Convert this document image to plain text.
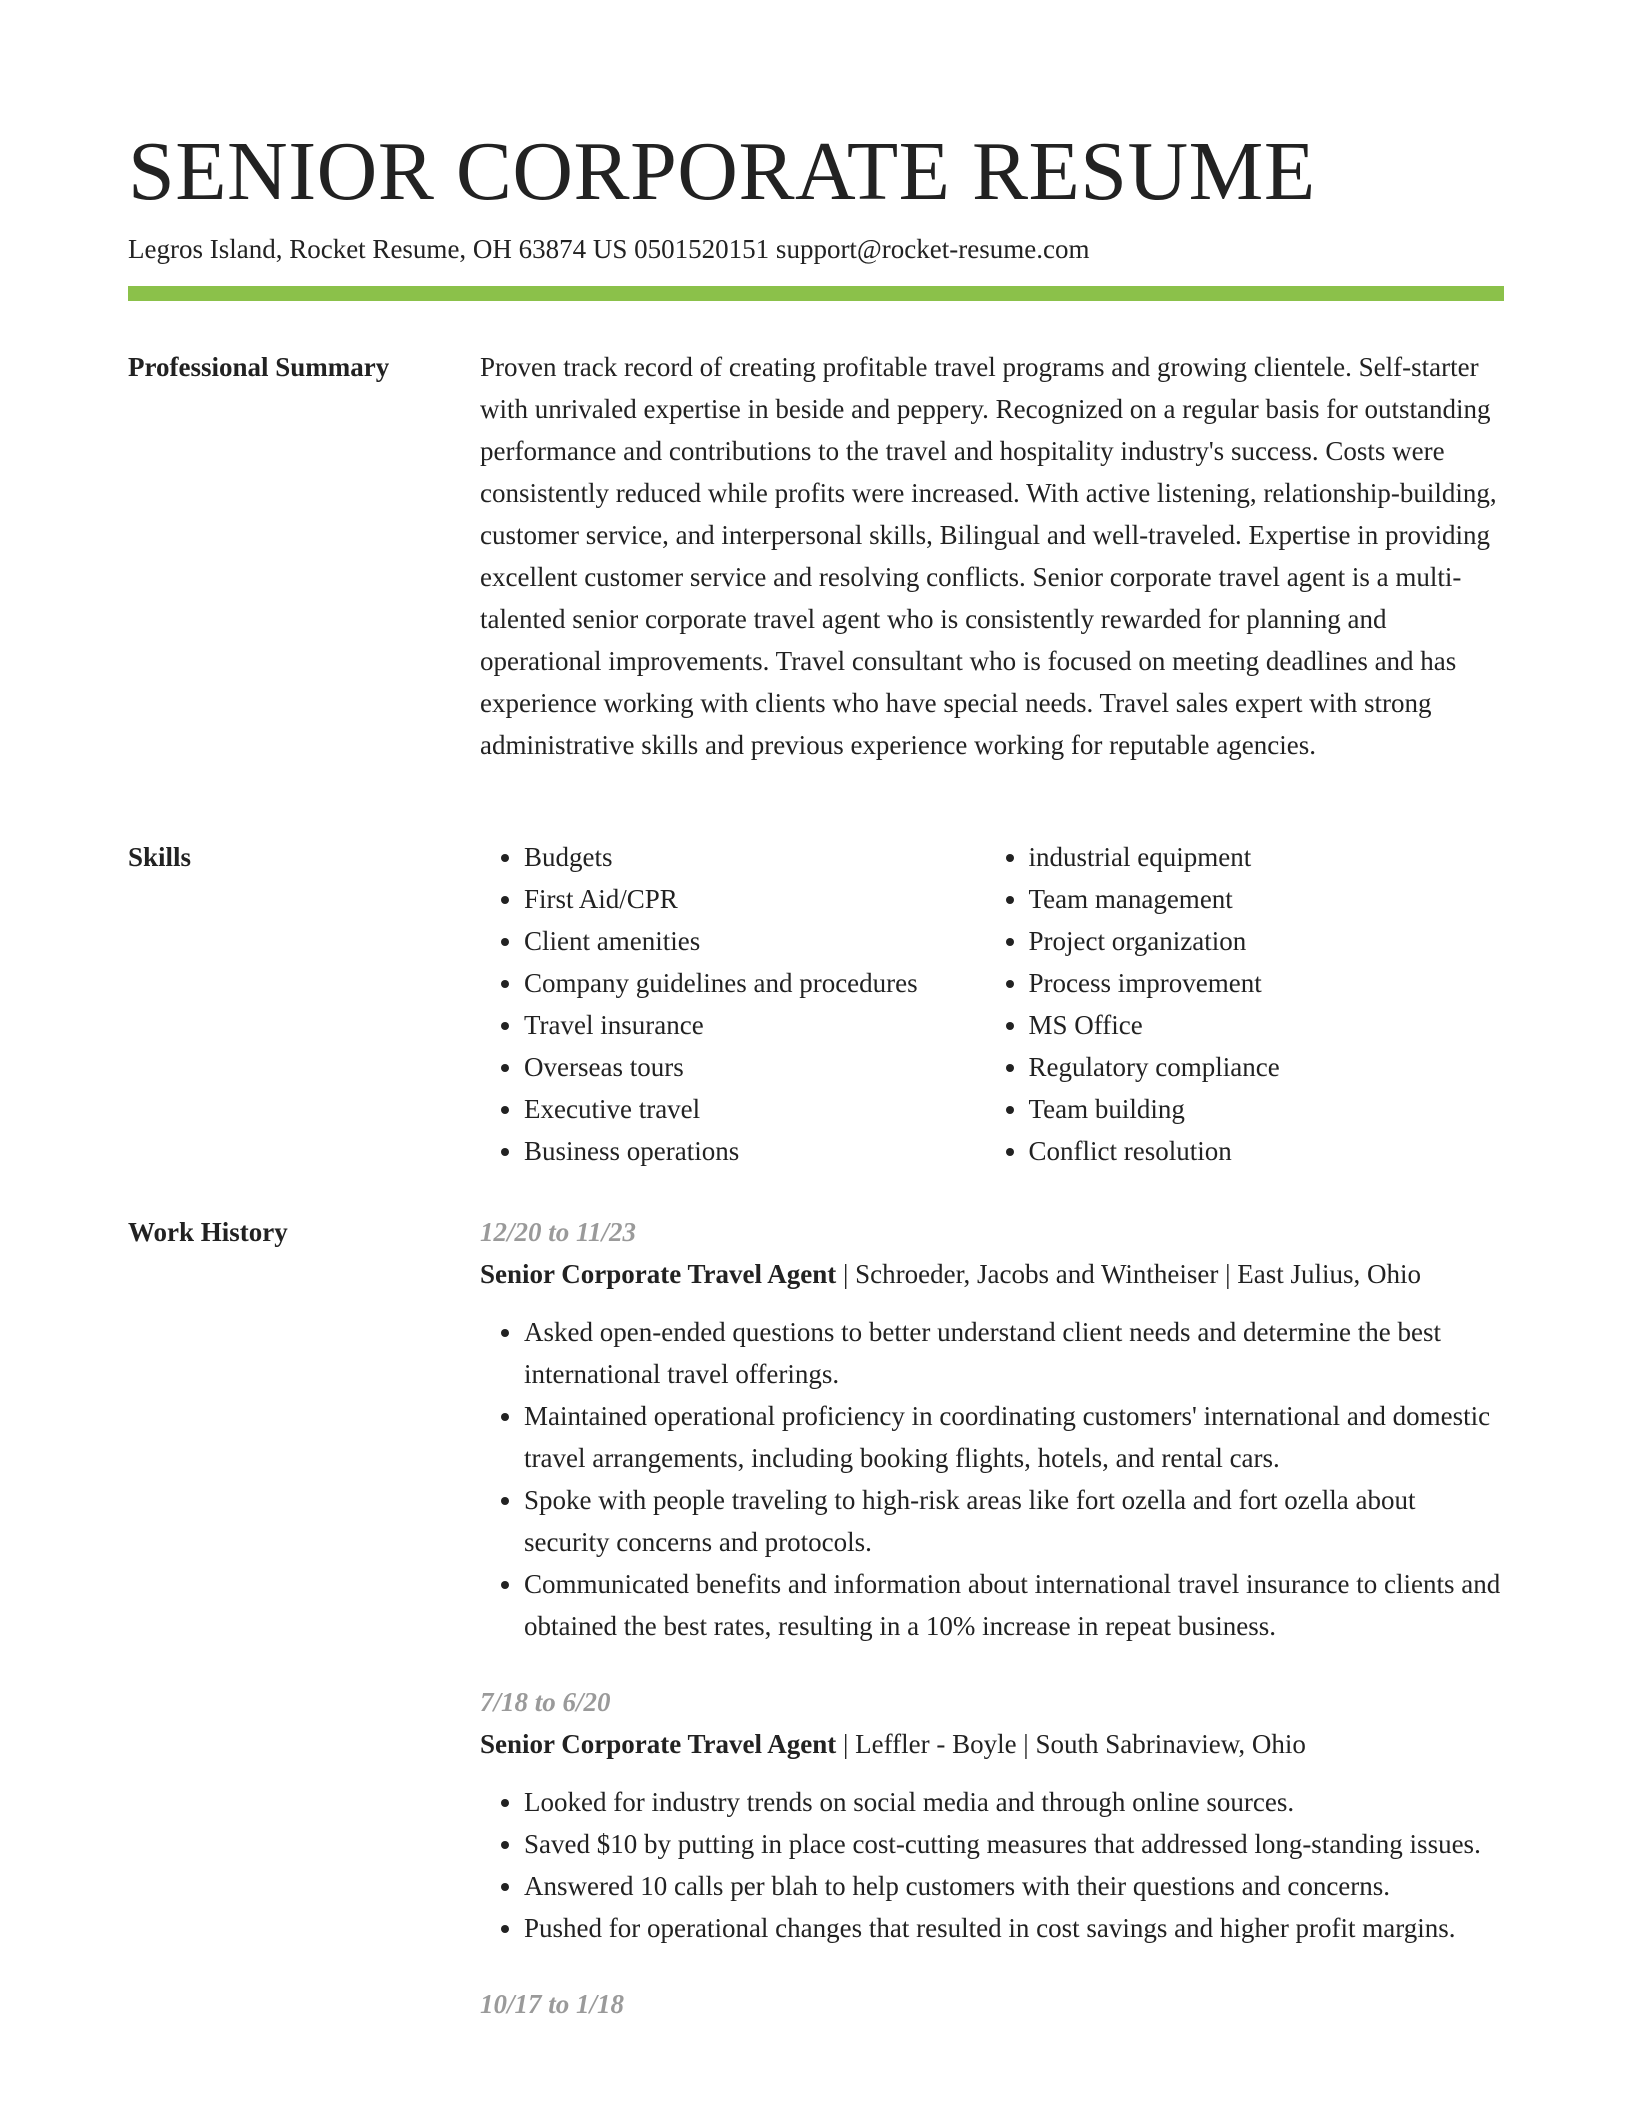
SENIOR CORPORATE RESUME
Legros Island, Rocket Resume, OH 63874 US 0501520151 support@rocket-resume.com
Professional Summary	Proven track record of creating profitable travel programs and growing clientele. Self-starter with unrivaled expertise in beside and peppery. Recognized on a regular basis for outstanding performance and contributions to the travel and hospitality industry's success. Costs were consistently reduced while profits were increased. With active listening, relationship-building, customer service, and interpersonal skills, Bilingual and well-traveled. Expertise in providing excellent customer service and resolving conflicts. Senior corporate travel agent is a multi-talented senior corporate travel agent who is consistently rewarded for planning and operational improvements. Travel consultant who is focused on meeting deadlines and has experience working with clients who have special needs. Travel sales expert with strong administrative skills and previous experience working for reputable agencies.

Skills
•	Budgets
• First Aid/CPR
• Client amenities
• Company guidelines and procedures
• Travel insurance
• Overseas tours
• Executive travel
• Business operations
• industrial equipment
• Team management
• Project organization
• Process improvement
• MS Office
• Regulatory compliance
• Team building
• Conflict resolution
Work History	12/20 to 11/23
Senior Corporate Travel Agent | Schroeder, Jacobs and Wintheiser | East Julius, Ohio
• Asked open-ended questions to better understand client needs and determine the best international travel offerings.
• Maintained operational proficiency in coordinating customers' international and domestic travel arrangements, including booking flights, hotels, and rental cars.
• Spoke with people traveling to high-risk areas like fort ozella and fort ozella about security concerns and protocols.
• Communicated benefits and information about international travel insurance to clients and obtained the best rates, resulting in a 10% increase in repeat business.
7/18 to 6/20
Senior Corporate Travel Agent | Leffler - Boyle | South Sabrinaview, Ohio
• Looked for industry trends on social media and through online sources.
• Saved $10 by putting in place cost-cutting measures that addressed long-standing issues.
• Answered 10 calls per blah to help customers with their questions and concerns.
• Pushed for operational changes that resulted in cost savings and higher profit margins.
10/17 to 1/18
